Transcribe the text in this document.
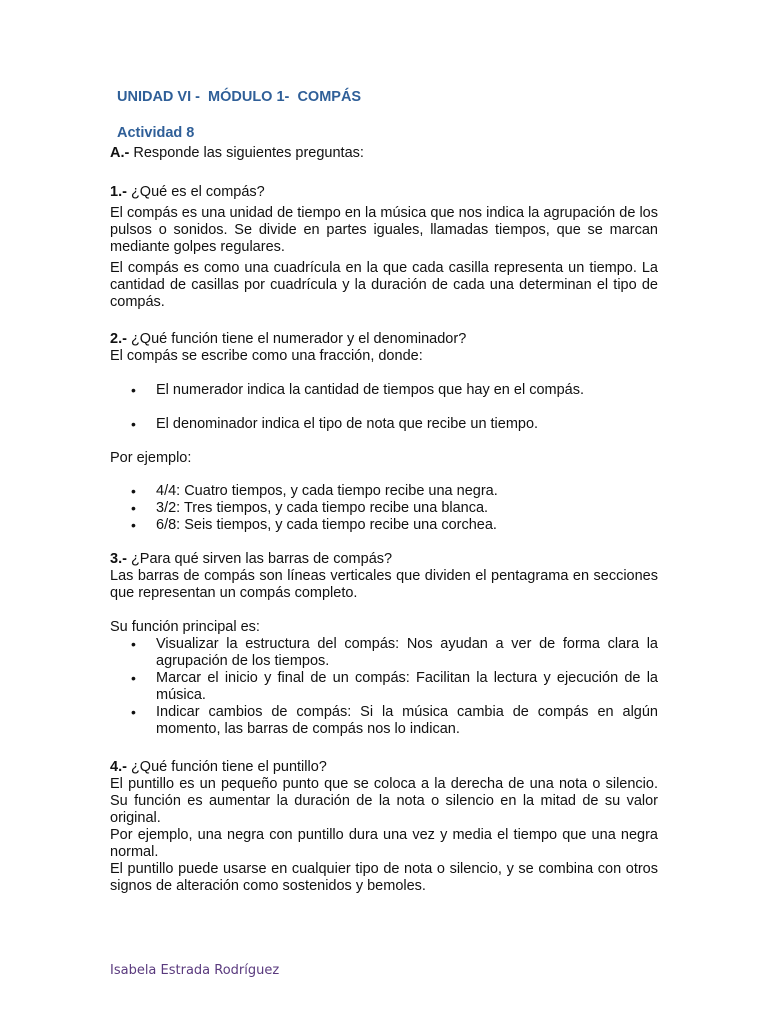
UNIDAD VI -  MÓDULO 1-  COMPÁS
Actividad 8

A.- Responde las siguientes preguntas:

1.- ¿Qué es el compás?

El compás es una unidad de tiempo en la música que nos indica la agrupación de los pulsos o sonidos. Se divide en partes iguales, llamadas tiempos, que se marcan mediante golpes regulares.

El compás es como una cuadrícula en la que cada casilla representa un tiempo. La cantidad de casillas por cuadrícula y la duración de cada una determinan el tipo de compás.

2.- ¿Qué función tiene el numerador y el denominador?

El compás se escribe como una fracción, donde:

• El numerador indica la cantidad de tiempos que hay en el compás.
• El denominador indica el tipo de nota que recibe un tiempo.

Por ejemplo:

• 4/4: Cuatro tiempos, y cada tiempo recibe una negra.
• 3/2: Tres tiempos, y cada tiempo recibe una blanca.
• 6/8: Seis tiempos, y cada tiempo recibe una corchea.

3.- ¿Para qué sirven las barras de compás?

Las barras de compás son líneas verticales que dividen el pentagrama en secciones que representan un compás completo.

Su función principal es:

• Visualizar la estructura del compás: Nos ayudan a ver de forma clara la agrupación de los tiempos.
• Marcar el inicio y final de un compás: Facilitan la lectura y ejecución de la música.
• Indicar cambios de compás: Si la música cambia de compás en algún momento, las barras de compás nos lo indican.

4.- ¿Qué función tiene el puntillo?

El puntillo es un pequeño punto que se coloca a la derecha de una nota o silencio. Su función es aumentar la duración de la nota o silencio en la mitad de su valor original.

Por ejemplo, una negra con puntillo dura una vez y media el tiempo que una negra normal.

El puntillo puede usarse en cualquier tipo de nota o silencio, y se combina con otros signos de alteración como sostenidos y bemoles.

Isabela Estrada Rodríguez
